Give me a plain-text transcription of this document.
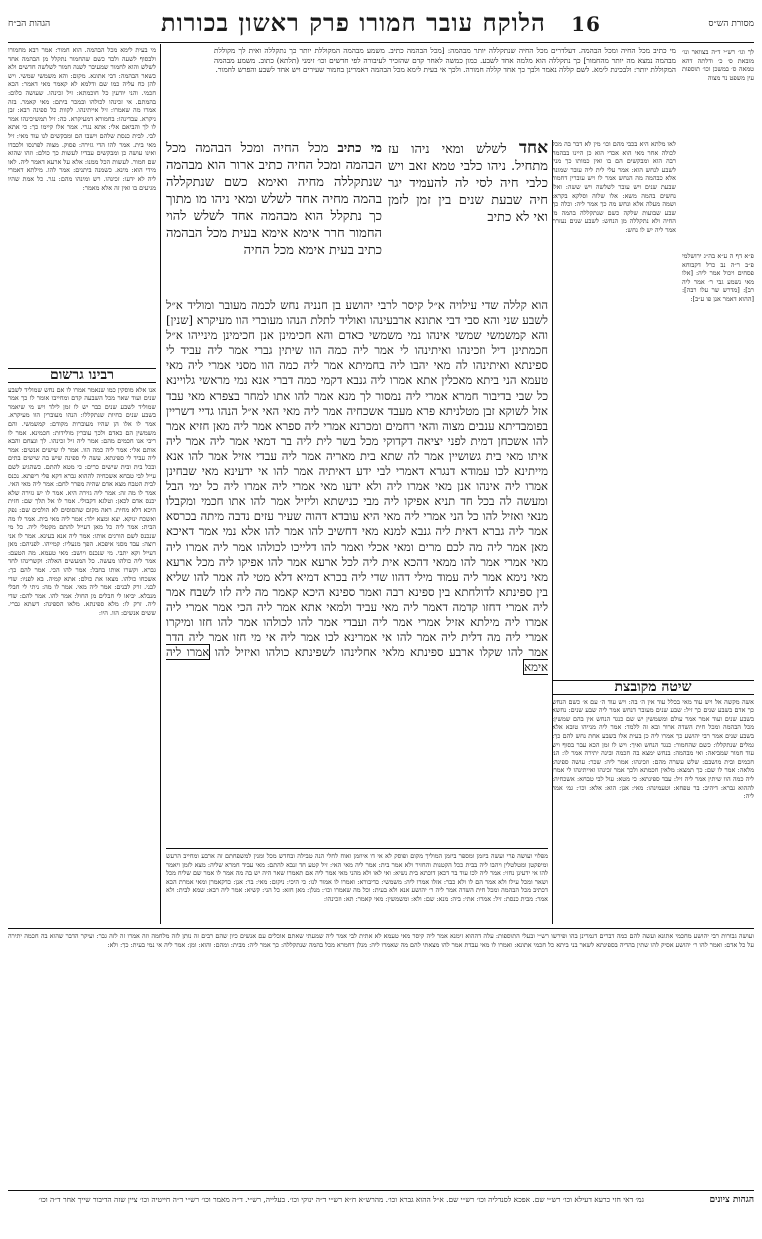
מסורת הש״ס
16 הלוקח עובר חמורו פרק ראשון בכורות
הגהות הב״ח
לך וגו׳ רש״י ד״ה בצוואר ונו׳ מובאת ס׳ כ׳ ודלתה דהא טמאה ס׳ במשכן וכו׳ תוספות עין משפט נר מצוה
מי כתיב מכל החיה ומכל הבהמה. דעלדרים מכל החיה שנתקללה יותר מבהמה: [מכל הבהמה כתיב. משמע מבהמה המקוללת יותר כך נתקללה ואית לך מקוללת מבהמה נמצא מה יותר מהחמור] כך נתקללה הוא מלמה אחד לשבע. כמון כמשה לאחר קדם שהזכיר לעיבורה לפי חדשים וכו׳ זימני (תלתא) כתוב. משמע מבהמה המקוללת יותר: ולבכינת לימא. לשם קללה נאמר ולבך כך אחד קללה חמורה. ולכך אי בעית לימא מכל הבהמה דאמרינן בחמור שעירים ויש אחד לשבע והפרש לחמור.
מי בעית לימא מכל הבהמה. הוא חמור: אמר רבא מחמורו ולבסוף לשעה ולבד כשם שהחמור נתקלל מן הבהמה אחד לשלש והוא לחמור שמעיבר לשנה חמור לשלשה חדשים ולא כשאר הבהמה: דבי אתונא. מקום: והא משמשי שמשי. ויש להן כח עליה כמו שם ודלמא לא קאמר מאי דאמר: הכא חכמי. והני יודעין כל חוכמתא: זיל זכינהו. שעושה כלום: בהמתם. אי זכינהו לכולהו ובמכר ביתם: מאי קאמר. בזה אמרו מה שאמרו: זיל אייתינהו. לקוות כל ספינה רבא: זבן ניקרא. עבדינהו: בחמורא דמעיקרא. כה: זיל תמשיכינהו אמר לו לך והביאם אלי: אתא נגרי. אמר אלו קיימו כך: כי אתא לבי. לבית כנסת שלהם וישבו הם ומבקשים לנו עוד מאי: זיל מאי בית. אמר להו הדי גזירה: פסוק. מצוה לפרנסו ולכבדו ואינו עושה כן ומבקשים עבדיו לעשות כך כולם: וזהו שהוא שם חמור. לעשות הכל ממנו: אלא על ארעא דאמר ליה. לאו מידי הוא: מינא. כשמנה ביתנים: אמר להו. מילתא דאמרי ליה לא ידעו: זכינהו. רש ומינהו מהם: נגר. כל אמת שהיו מגיעים בו ואין זה אלא מאמר:
רבינו גרשום

אנו אלא מוסקין כמו שנאמר אמרו לו אם נחש שמוליד לשבע שנים ועוד שאר מכל השבעה קדם ומחייבו אומר לו כך אמר שמוליד לשבע שנים כבר יש לו זמן לילד ויש מי שיאמר בשבע שנים כחיות שנתקללו: הנהו מעוברין הוו מעיקרא. אמר לו אלו הן שהיו מעוברות מקודם: קמשמשי. והם משמשין הם כאדם ולכך עוברין מולידות: חכמינא. אמר לו ריבי אנו חכמים מהם: אמר ליה זיל זכינהו. לך ונצחם והבא אותם אלי: אמר ליה כמה הוו. אמר לו שישים אנשים: אמר ליה עביד לי ספינתא. עשה לי ספינה שיש בה שישים בתים ובכל בית ובית שישים כרים: כי מטא להתם. כשהגיע לשם עייל לבי טבחא אשכחיה לההוא גברא דקא פלי ריפתא. נכנס לבית הטבח מצא אדם שהיה מפרר לחם: אמר ליה מאי האי. אמר לו מה זה: אמר ליה גזירה היא. אמר לו יש גזירה שלא יכנס אדם לכאן: וטלגא דקבולי. אמר לו אל תלך שם: חזית היכא דלא מחית. ראה מקום שהסוסים לא הולכים שם: נפק ואשכח ינוקא. יצא ומצא ילד: אמר ליה מאי בית. אמר לו מה הבית: אמר ליה כל מאן דעייל להתם מקטלי ליה. כל מי שנכנס לשם הורגים אותו: אמר ליה אנא בעינא. אמר לו אני רוצה: עבד מסני איפכא. הפך מנעליו: קמייהו. לפניהם: מאן דעייל וקא יתבי. מי שנכנס ויושב: מאי טעמא. מה הטעם: אמר ליה כולהו מעשה. כל המעשים האלה: וקשרינהו לחד גברא. וקשרו אותו בחבל: אמר להו הכי. אמר להם כך: אשכחו כולהו. מצאו את כולם: אתא קמיה. בא לפניו: שדי לבני. זרק לבנים: אמר ליה מאי. אמר לו מה: ניתי לי חבלי מנבלא. יביאו לי חבלים מן החול: אמר להו. אמר להם: שדי ליה. זרק לו: מלא ספינתא. מלאו הספינה: דשתא גברי. ששים אנשים: הוו. היו:

מי כתיב מכל החיה ומכל הבהמה מכל הבהמה ומכל החיה כתיב ארור הוא מבהמה שנתקללה מחיה ואימא כשם שנתקללה בהמה מחיה אחד לשלש ומאי ניהו מו מתוך כך נתקלל הוא מבהמה אחד לשלש להוי החמור חרר אימא אימא בעית מכל הבהמה כתיב בעית אימא מכל החיה
אחד לשלש ומאי ניהו עז מתחיל. ניהו כלבי טמא זאב ויש כלבי חיה לסי לה להעמיד יגר חיה שבעת שנים בין זמן לזמן ואי לא כתיב
הוא קללה שדי עילויה א״ל קיסר לרבי יהושע בן חנניה נחש לכמה מעובר ומוליד א״ל לשבע שני והא סבי דבי אתונא ארבעינהו ואוליד לתלת הנהו מעוברי הוו מעיקרא [שנין] והא קמשמשי שמשי אינהו נמי משמשי כאדם והא חכימינן אנן חכימינן מינייהו א״ל חכמתינן דיל וזכינהו ואיתינהו לי אמר ליה כמה הוו שיתין גברי אמר ליה עביד לי ספינתא ואיתינהו לה מאי יהבו ליה בחמיתא אמר ליה כמה הוו מסני אמרי ליה מאי טעמא הני ביתא מאכלין אתא אמרו ליה גנבא דקמי כמה דברי אנא נמי מראשי גלויינא כל שבי בדיבור חמרא אמרי ליה נמסור לך מנא אמר להו אתו למחר בצפרא מאי עבד אזל לשוקא זבן מטלניתא פרא מעבד אשכחיה אמר ליה מאי האי א״ל הנהו גדיי דשריין בפומבדיתא ענבים מצוה והאי רחמים ומכרנא אמרי ליה ספרא אמר ליה מאן חזיא אמר להו אשכחן דמית לפני יציאה דקדוקי מכל בשר לית ליה בר דמאי אמר ליה אמר ליה איתו מאי בית גשושיין אמר לה שתא בית מאריה אמר ליה עבדי אזיל אמר להו אנא מייתינא לכו עמודא דנגרא דאמרי לבי ידע דאיתיה אמר להו אי ידעינא מאי שבחינן אמרו ליה אינהו אנן מאי אמרו ליה ולא ידעו מאי אמרי ליה אמרו ליה כל ימי הבל ומעשה לה בכל חד תניא אפיקו ליה מבי כנישתא וליזיל אמר להו אתו חכמי ומקבלו מנאי ואזיל להו כל הני אמרי ליה מאי היא עובדא דהוה שעיר עזים נדבה מיתה בכרסא אמר ליה גברא דאית ליה גנבא למנא מאי דחשיב להו אמר להו אלא נמי אמר דאיכא מאן אמר ליה מה לכם מרים ומאי אכלי ואמר להו דלייכו לכולהו אמר ליה אמרו ליה מאי אמרי אמר להו ממאי דהכא אית ליה לכל ארעא אמר להו אפיקו ליה מכל ארעא מאי נימא אמר ליה עמוד מילי דהוו שדי ליה בכרא דמיא דלא מטי לה אמר להו שליא בין ספינתא לדולחתא בין ספינא רבה ואמר ספינא היכא קאמר מה ליה לזו לשבח אמר ליה אמרי דחזו קדמה דאמר ליה מאי עביד ולמאי אתא אמר ליה הכי אמר אמרי ליה אמרו ליה מילתא אזיל אמרי אמר ליה ועבדי אמר להו לכולהו אמר להו חזו ומיקרו אמרי ליה מה דלית ליה אמר להו אי אמרינא לכו אמר ליה אי מי חזו אמר ליה הדר אמר להו שקלו ארבע ספינתא מלאי אחלינהו לשפינתא כולהו ואיזיל להו אמרו ליה אימא
לאו מלתא היא בכבי מהם וכו׳ מין לא דבר בה מכל לכולה אחר מאי הוא אכדי הוא כן היינו בבהמה רבה הוא ומבקשים הם בו ואין כמותו כך מנין לשבע לנחש הוא: אמר עלי לית ליה עובר שמונה אלא כבהמה מה הנחש אמר לו ויש עוברין דחמור שבעת שנים ויש עובר לשלשה ויש ששה: ואלו נחשים בהמה משא: אלו שלוה וסלקא בקרא: ושמה מעלה אלא ונחש מה כך אמר ליה: וכלה כך שבע שבועות שלקה כשם שנתקללה בהמה מן החיה ולא נתקללה מן הנחש: לשבע שנים נעזרת אמר ליה יש לו נחש:
פ״א דף ה ע״א בה״ג ירושלמי פ״ב ר״ה נב כרל דקבוחא פסחים ויכול אמר ליה: [אלו מאי נשמע גבי ר׳ אמר ליה רב]: [מדרש שר עלו רבה]: [ההוא דאמר אנן פו ע״ב]:
שיטה מקובצת

אשה מקשה אל ויש עוד מאי בכלל עוד אין ה׳ בה: ויש עוד ה׳ עם א׳ כשם הנחש כך אדם בשבע שנים כך זיל: שבע שנים מעובר דנחש אמר ליה שבע שנים: נחשא בשבע שנים ועוד אמר אמר עולם ומשמשין יש שם כנגד הנחש אין בהם שמשין: מכל הבהמה ומכל חית השדה ארור ובא זה ללמד: אמר ליה מנייהו טובא אלא בשבע שנים אמר רבי יהושע כך אמרו ליה כן בעית אלו בשבע אחת נחש להם כך: גמלים שנתקללו: כשם שהחמור: כנגד הנחש ואיך: ויש לו זמן הכא עבר בסוף ויש עוד חמור שמביאה: ואי מבהמה: בנחש ימצא בה חכמה ובינה יתירה אמר לו: הני חכמים ובית מושבם: שלש עשרה מהם: וזכינהו: אמר ליה: שכר: עושה ספינה: מלאה: אמר לו שם: כך תמצא: מלאין חכמתא ולכך אמר זכינהו ואייתינהו לי אמרו ליה כמה הוו שיתין אמר ליה זיל: עבד ספינתא: כי מטא: עול לבי טבחא: אשכחיה: לההוא גברא: דיהיב: בר טפחא: וטעמינהו: מאי: אנן: הוא: אלא: וכו׳: גמ׳ אמר ליה:

מפלוי ועושה פרי ועשה ביזמן ומספר ביזמן המוליך מקום ופוסק לא אי דו איוזמן ואוח לחלי הנה טבילה ובחדש מכל ומנין למשפחתם זה ארבע ומחייב הרעש ומיפקטן ומטלטלין ויהבו ליה בבית ככל הקטנות והחזיר ולא אמר בית: אמר ליה מאי האי: זיל קטע חד זנבא להתם: מאי עביד חמרא שליה: מצא לזמן ויאמר להו אי ידעינן נחזי: אמר ליה לכו עוד בר דכאן דוכתא בית נשיא: ואי לאו ולא מהני מאי אמר ליה אם תאמרו שאר היה יש בה מה אמר לו אמר שם שליח מכל ושאר ומכל עילו ולא אמר הם לו ולא כבר: אזלו אמרו ליה: משמשי: כדיבורא: ואמרו לו אמור לנו: כי היכי: ניקום: מאי: בר: אנן: כדקאמרן ומאי אמרת הכא דכתיב מכל הבהמה ומכל חית השדה אמר ליה ר׳ יהושע אנא ולא בעית: וכל מה שאמרו וכו׳: מנלן: מאן חזא: כל הני: קשיא: אמר ליה רבא: שמא לבית: ולא אמר: מבית כנסת: זיל: אמרו: אתי: ביה: מנא: שם: ולא: ומשמשין: מאי קאמר: תא: וזכינהו:
ועושה גבורות רבי יהושע מחכמי אתונא ועשה להם כמה דברים דגמרינן בהו ופירשו רש״י ובעלי התוספות: עלה דההוא זימנא אמר ליה קיסר מאי טעמא לא אתית לבי אמר ליה שמעתי שאתם אוכלים עם אנשים כיון שהם רבים זה נותן לזה מלחמה וזה אמרו זה לזה גבר: ועיקר הדבר שהוא בה חכמה יתירה על כל אדם: ואמר להו ר׳ יהושע אסיק להו שתין בהדיה בספינתא לשאר בני ביתא כל חכמי אתונא: ואמרו לו מאי עבדת אמר להו מצאתי להם מה שאמרו ליה: מנלן דחמרא מכל בהמה שנתקללה: כך אמר ליה: מבית: ומהם: והוא: ומן: אמר ליה אי נמי בעית: כך: ולא:
הגהות ציונים
גמ׳ דאי חזי כרעא דעילא וכו׳ רש״י שם. אפכא לסנדליה וכו׳ רש״י שם. א״ל ההוא גברא וכו׳. מהרש״א ח״א רש״י ד״ה ינוקי וכו׳. בעלייה, רש״י. ד״ה מאמר וכו׳ רש״י ד״ה חייטיה וכו׳ ציין שזה הדיבור שייך אחר ד״ה וכו׳
